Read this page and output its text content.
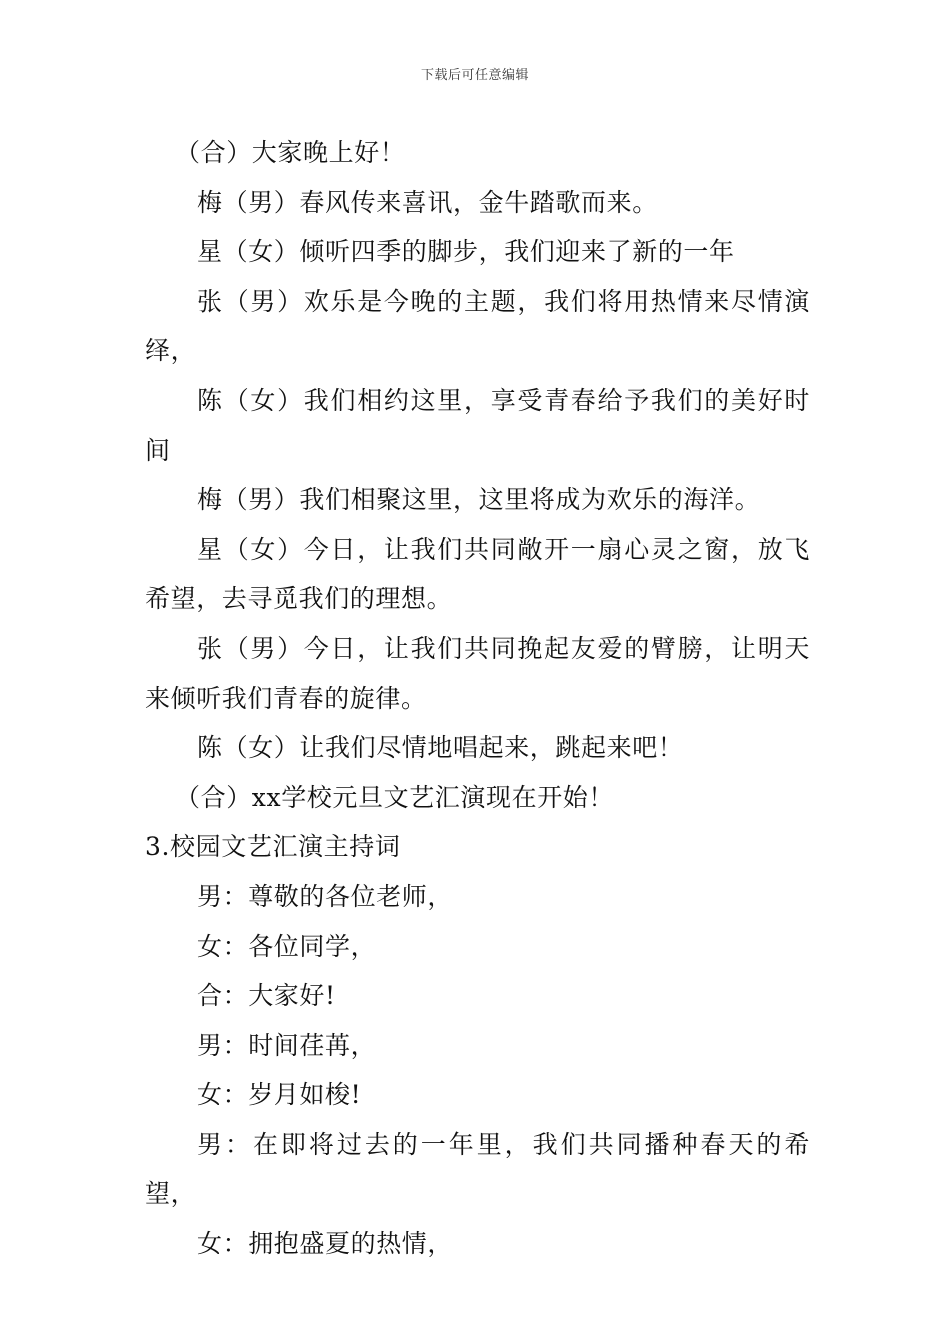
下载后可任意编辑

（合）大家晚上好！

梅（男）春风传来喜讯，金牛踏歌而来。

星（女）倾听四季的脚步，我们迎来了新的一年

张（男）欢乐是今晚的主题，我们将用热情来尽情演绎，

陈（女）我们相约这里，享受青春给予我们的美好时间

梅（男）我们相聚这里，这里将成为欢乐的海洋。

星（女）今日，让我们共同敞开一扇心灵之窗，放飞希望，去寻觅我们的理想。

张（男）今日，让我们共同挽起友爱的臂膀，让明天来倾听我们青春的旋律。

陈（女）让我们尽情地唱起来，跳起来吧！

（合）xx学校元旦文艺汇演现在开始！

3.校园文艺汇演主持词

男：尊敬的各位老师，

女：各位同学，

合：大家好!

男：时间荏苒，

女：岁月如梭!

男：在即将过去的一年里，我们共同播种春天的希望，

女：拥抱盛夏的热情，
